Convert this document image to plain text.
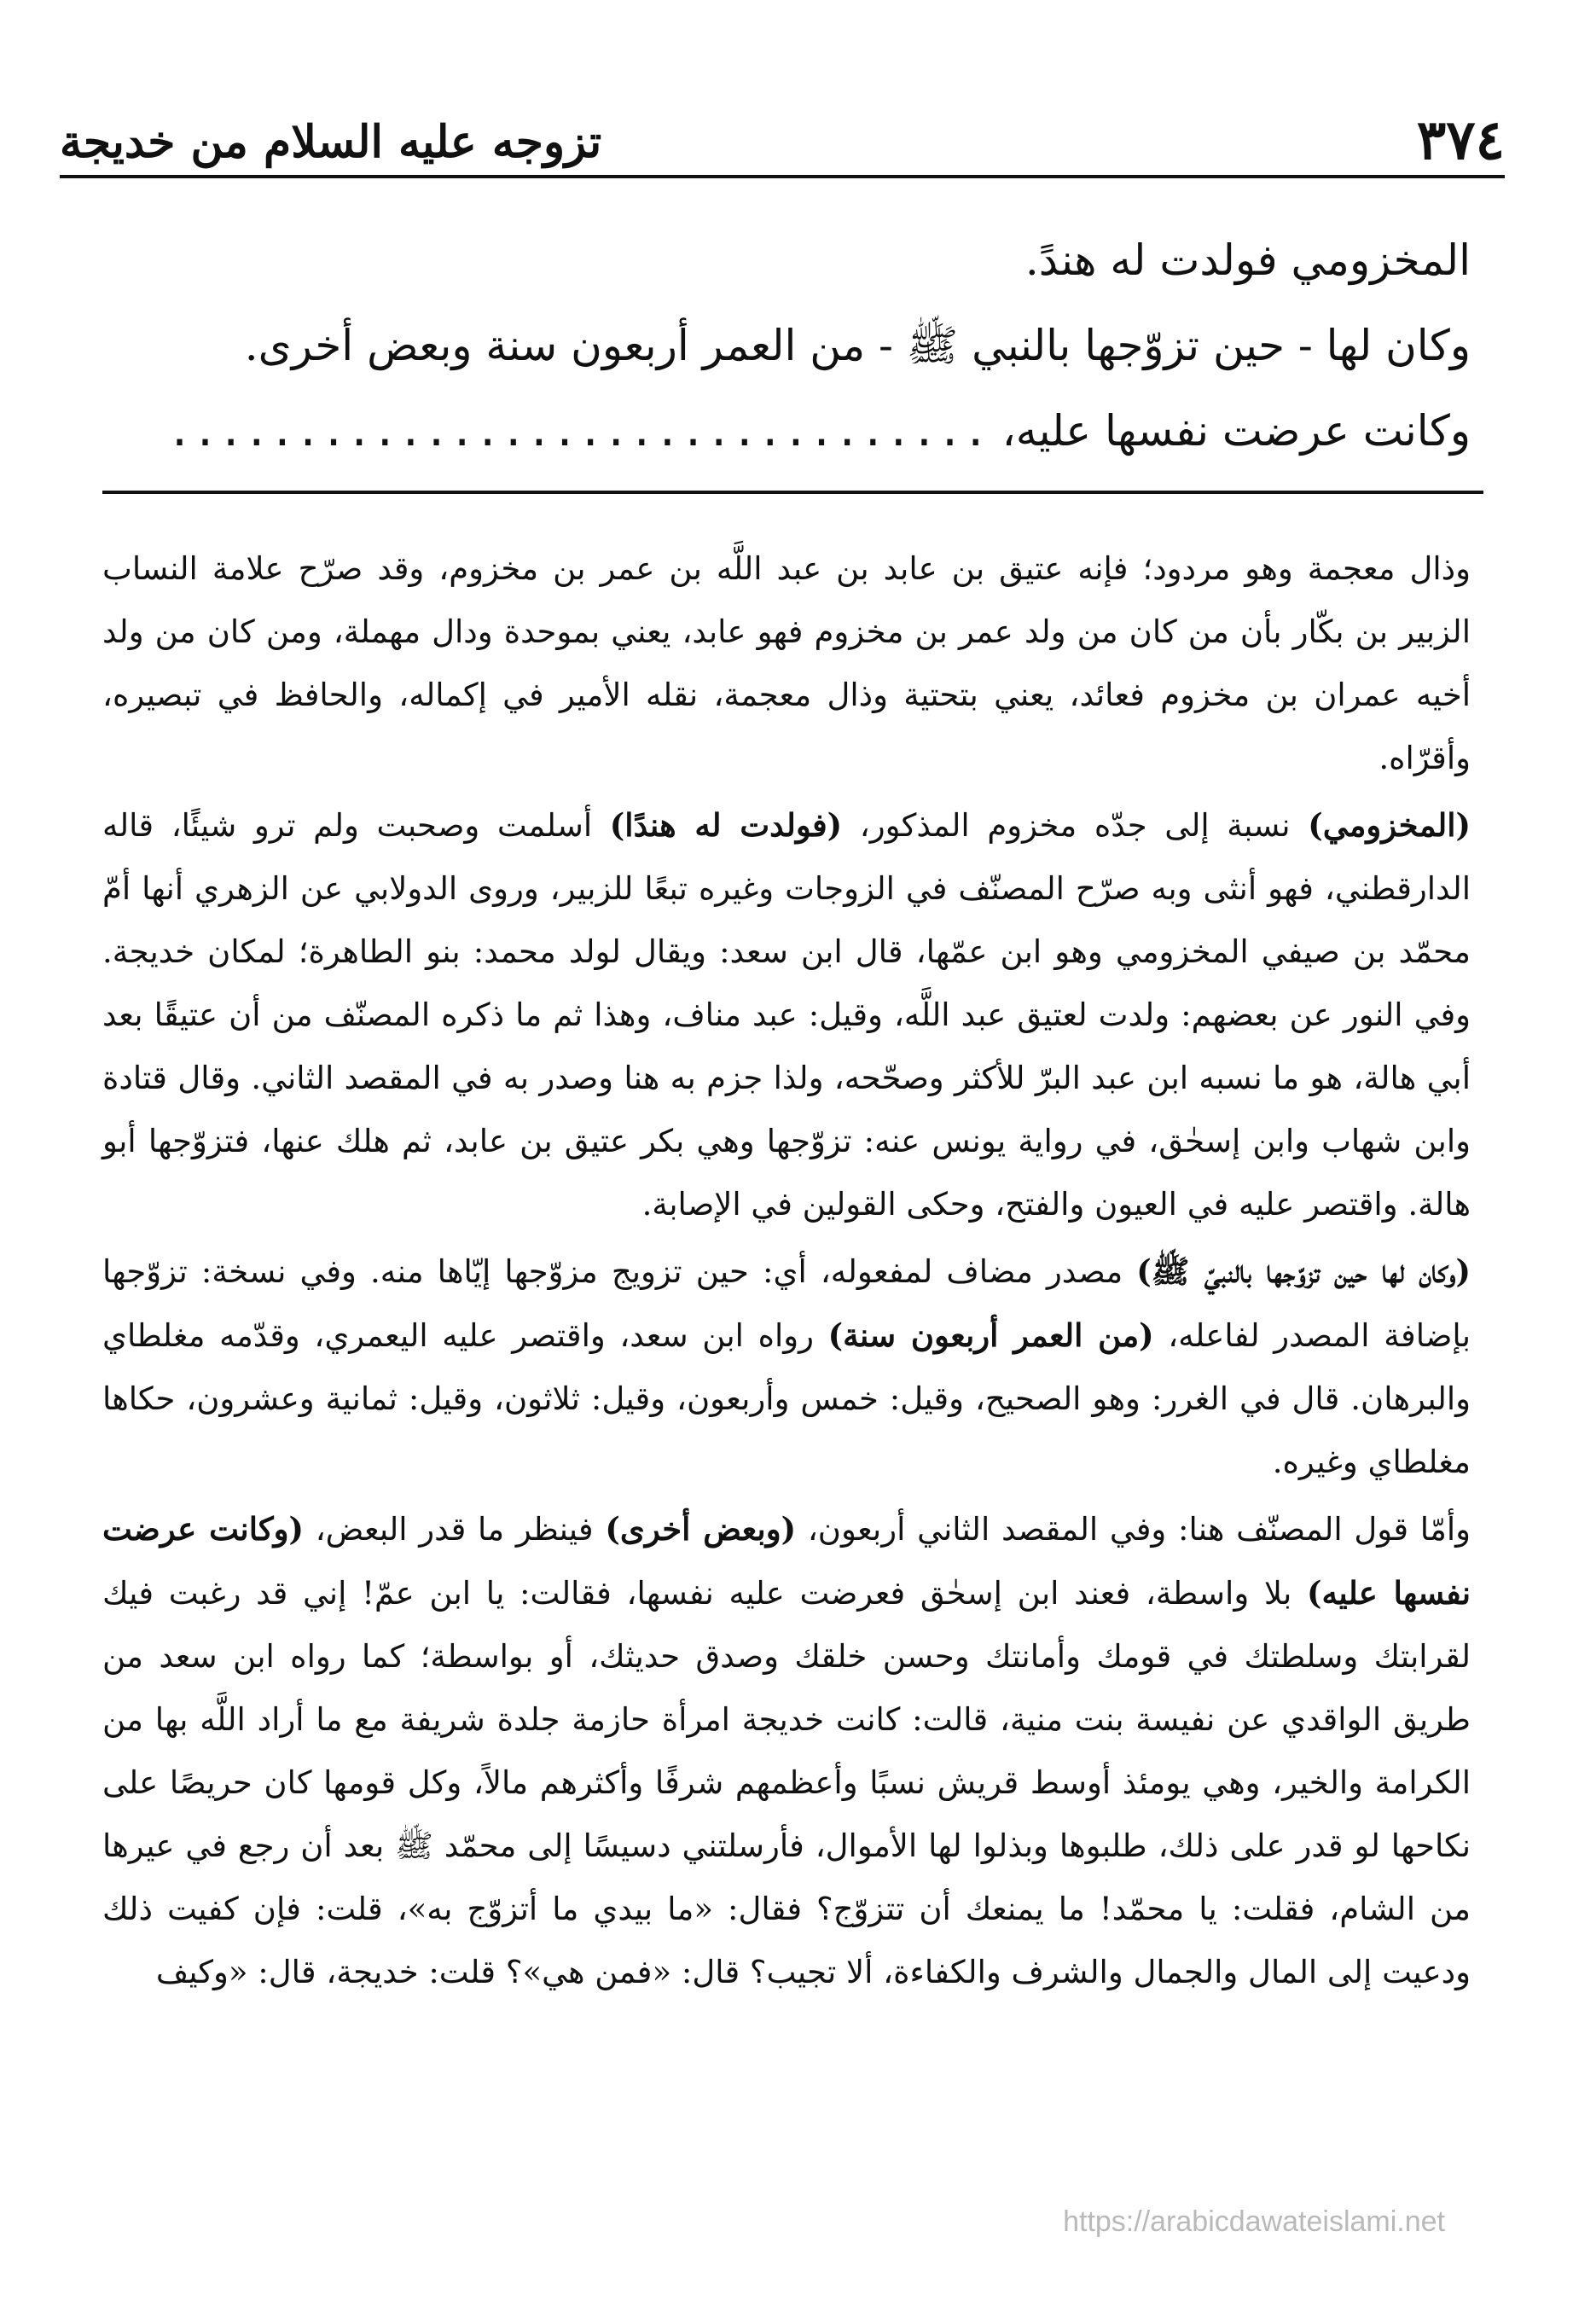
٣٧٤
تزوجه عليه السلام من خديجة

المخزومي فولدت له هندً.

وكان لها - حين تزوّجها بالنبي ﷺ - من العمر أربعون سنة وبعض أخرى.

وكانت عرضت نفسها عليه، ................................

وذال معجمة وهو مردود؛ فإنه عتيق بن عابد بن عبد اللَّه بن عمر بن مخزوم، وقد صرّح علامة النساب الزبير بن بكّار بأن من كان من ولد عمر بن مخزوم فهو عابد، يعني بموحدة ودال مهملة، ومن كان من ولد أخيه عمران بن مخزوم فعائد، يعني بتحتية وذال معجمة، نقله الأمير في إكماله، والحافظ في تبصيره، وأقرّاه.

(المخزومي) نسبة إلى جدّه مخزوم المذكور، (فولدت له هندًا) أسلمت وصحبت ولم ترو شيئًا، قاله الدارقطني، فهو أنثى وبه صرّح المصنّف في الزوجات وغيره تبعًا للزبير، وروى الدولابي عن الزهري أنها أمّ محمّد بن صيفي المخزومي وهو ابن عمّها، قال ابن سعد: ويقال لولد محمد: بنو الطاهرة؛ لمكان خديجة. وفي النور عن بعضهم: ولدت لعتيق عبد اللَّه، وقيل: عبد مناف، وهذا ثم ما ذكره المصنّف من أن عتيقًا بعد أبي هالة، هو ما نسبه ابن عبد البرّ للأكثر وصحّحه، ولذا جزم به هنا وصدر به في المقصد الثاني. وقال قتادة وابن شهاب وابن إسحٰق، في رواية يونس عنه: تزوّجها وهي بكر عتيق بن عابد، ثم هلك عنها، فتزوّجها أبو هالة. واقتصر عليه في العيون والفتح، وحكى القولين في الإصابة.

(وكان لها حين تزوّجها بالنبيّ ﷺ) مصدر مضاف لمفعوله، أي: حين تزويج مزوّجها إيّاها منه. وفي نسخة: تزوّجها بإضافة المصدر لفاعله، (من العمر أربعون سنة) رواه ابن سعد، واقتصر عليه اليعمري، وقدّمه مغلطاي والبرهان. قال في الغرر: وهو الصحيح، وقيل: خمس وأربعون، وقيل: ثلاثون، وقيل: ثمانية وعشرون، حكاها مغلطاي وغيره.

وأمّا قول المصنّف هنا: وفي المقصد الثاني أربعون، (وبعض أخرى) فينظر ما قدر البعض، (وكانت عرضت نفسها عليه) بلا واسطة، فعند ابن إسحٰق فعرضت عليه نفسها، فقالت: يا ابن عمّ! إني قد رغبت فيك لقرابتك وسلطتك في قومك وأمانتك وحسن خلقك وصدق حديثك، أو بواسطة؛ كما رواه ابن سعد من طريق الواقدي عن نفيسة بنت منية، قالت: كانت خديجة امرأة حازمة جلدة شريفة مع ما أراد اللَّه بها من الكرامة والخير، وهي يومئذ أوسط قريش نسبًا وأعظمهم شرفًا وأكثرهم مالاً، وكل قومها كان حريصًا على نكاحها لو قدر على ذلك، طلبوها وبذلوا لها الأموال، فأرسلتني دسيسًا إلى محمّد ﷺ بعد أن رجع في عيرها من الشام، فقلت: يا محمّد! ما يمنعك أن تتزوّج؟ فقال: «ما بيدي ما أتزوّج به»، قلت: فإن كفيت ذلك ودعيت إلى المال والجمال والشرف والكفاءة، ألا تجيب؟ قال: «فمن هي»؟ قلت: خديجة، قال: «وكيف

https://arabicdawateislami.net
